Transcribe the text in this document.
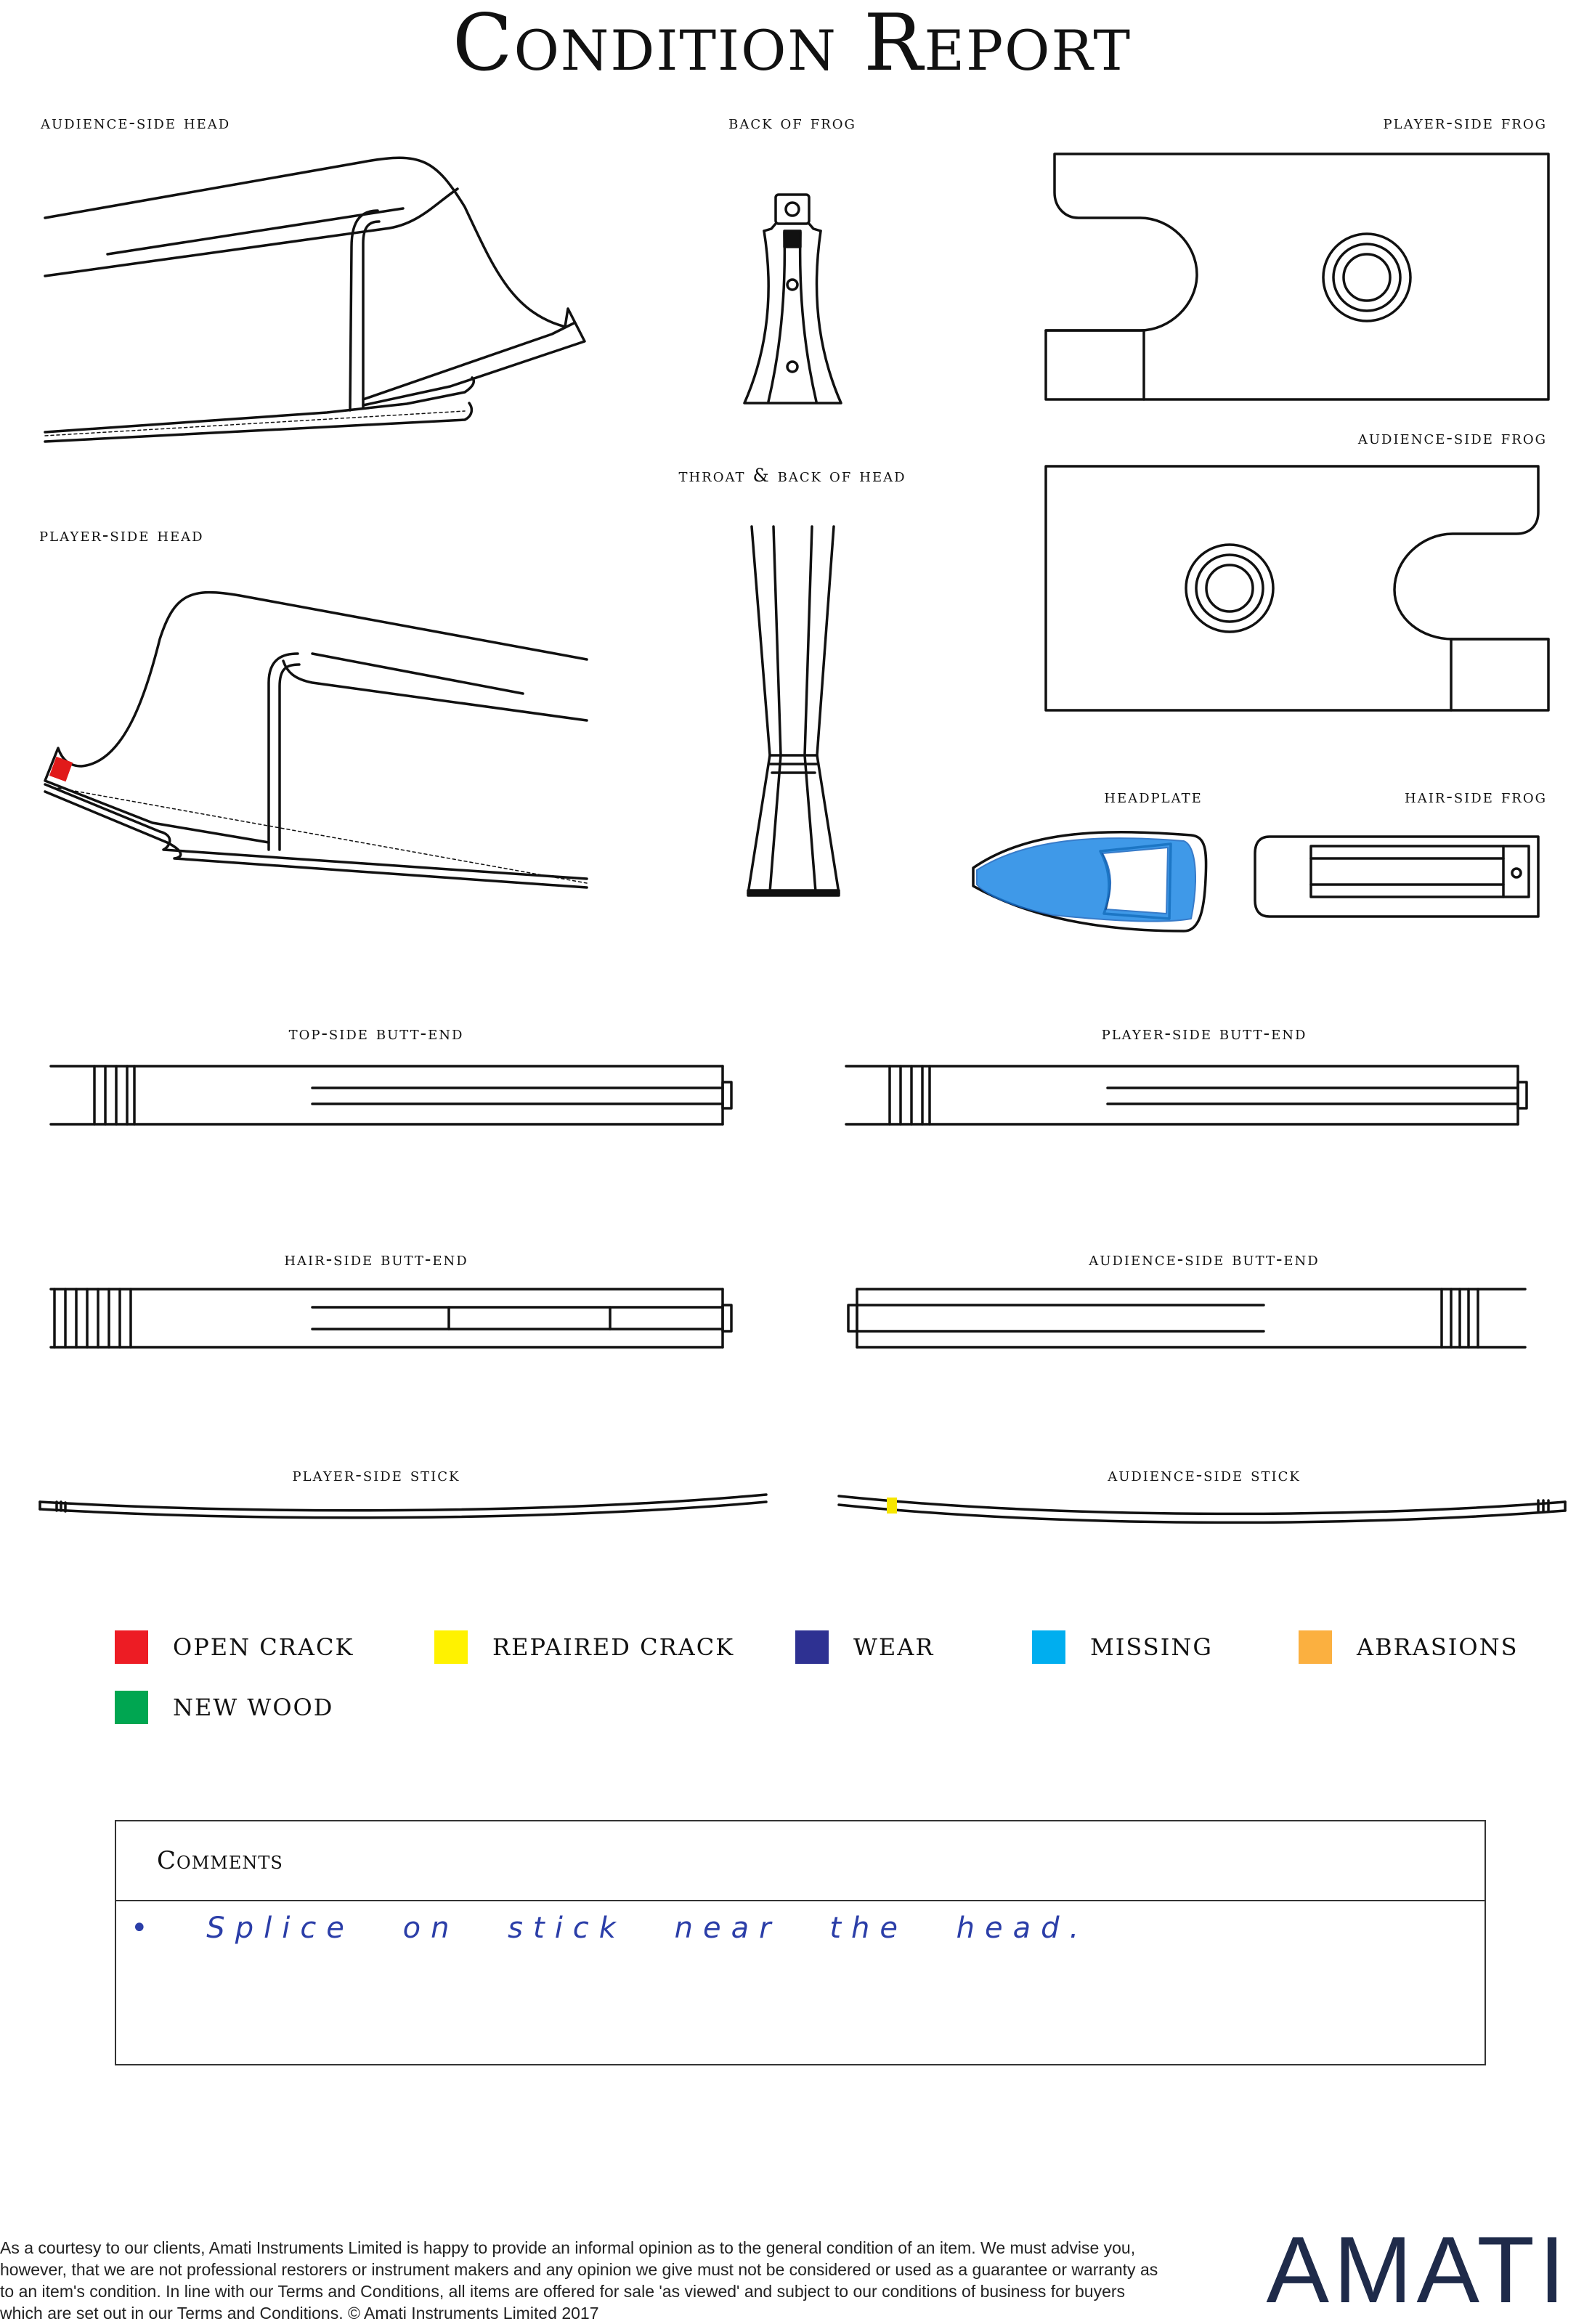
Condition Report
audience-side head	back of frog	player-side frog
throat & back of head
audience-side frog
player-side head
headplate	hair-side frog
top-side butt-end	player-side butt-end
hair-side butt-end	audience-side butt-end
player-side stick	audience-side stick
OPEN CRACK	REPAIRED CRACK	WEAR	MISSING	ABRASIONS
NEW WOOD
Comments
• Splice on stick near the head.
As a courtesy to our clients, Amati Instruments Limited is happy to provide an informal opinion as to the general condition of an item. We must advise you, however, that we are not professional restorers or instrument makers and any opinion we give must not be considered or used as a guarantee or warranty as to an item's condition. In line with our Terms and Conditions, all items are offered for sale 'as viewed' and subject to our conditions of business for buyers which are set out in our Terms and Conditions. © Amati Instruments Limited 2017	AMATI
